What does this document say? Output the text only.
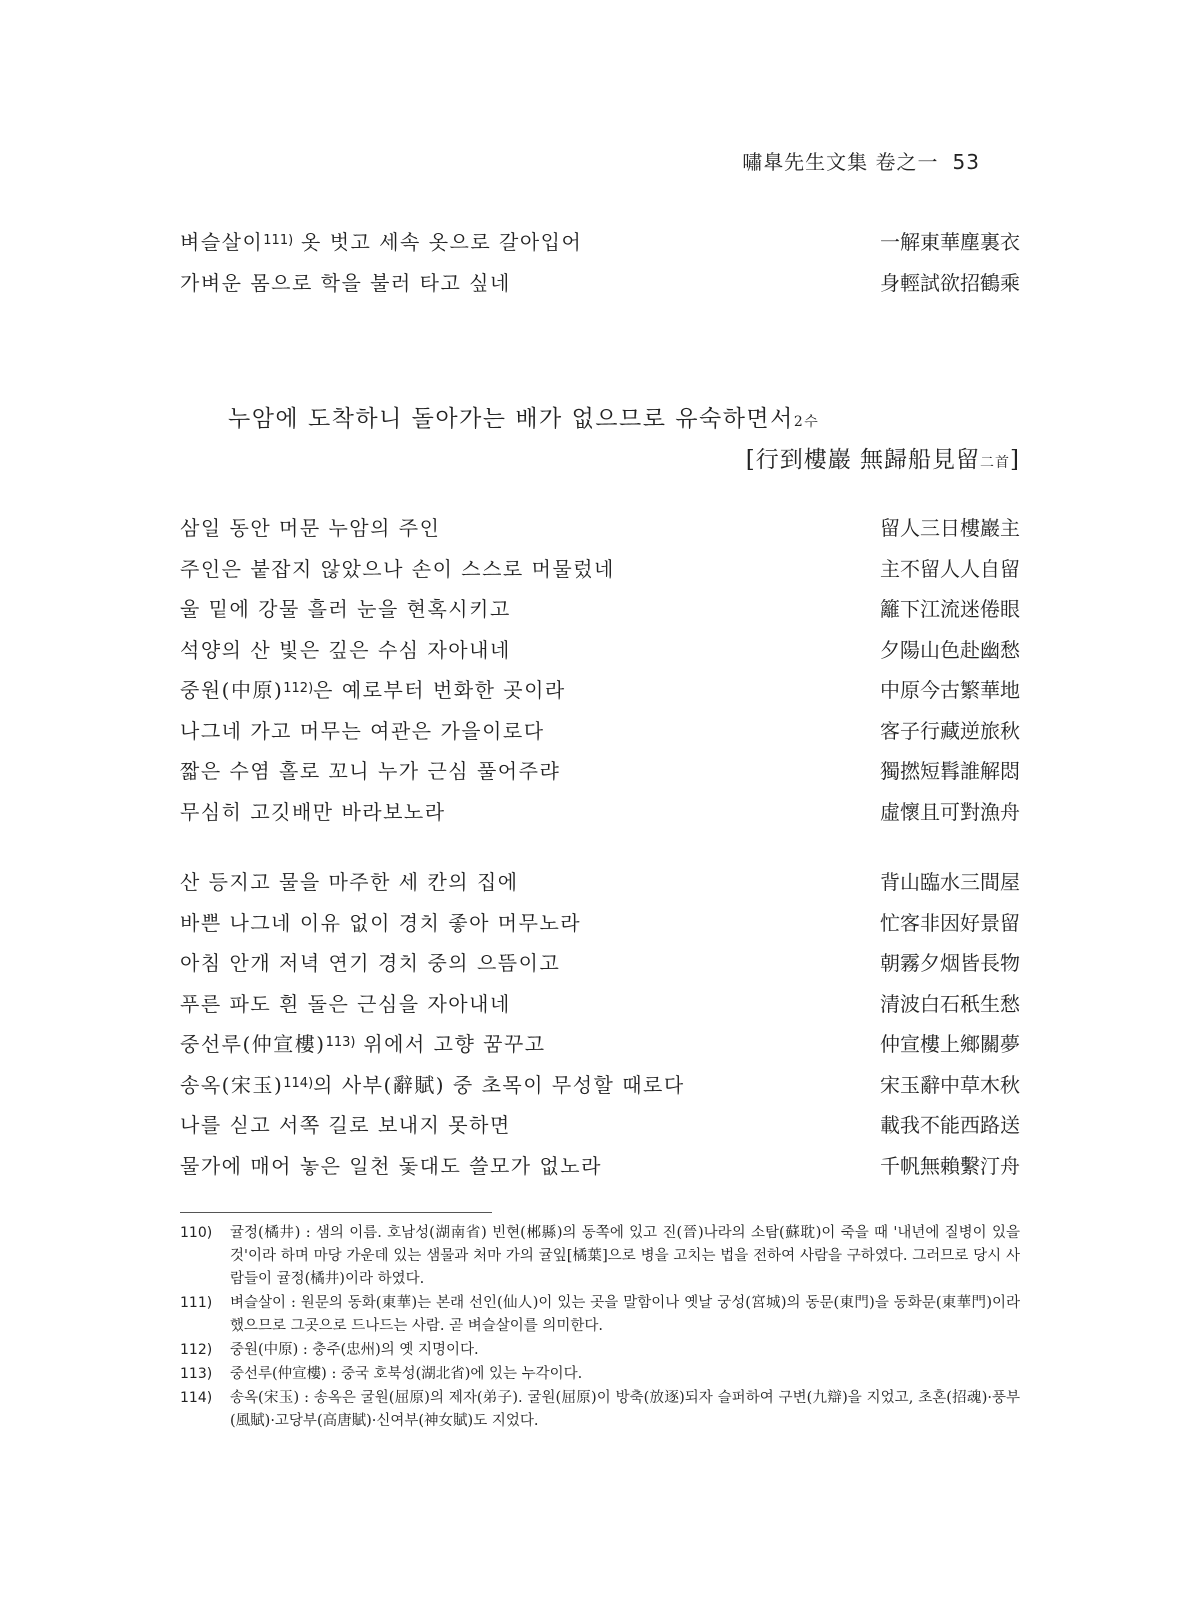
嘯臯先生文集 卷之一 53
벼슬살이$^{111)}$ 옷 벗고 세속 옷으로 갈아입어	一解東華塵裏衣
가벼운 몸으로 학을 불러 타고 싶네	身輕試欲招鶴乘
누암에 도착하니 돌아가는 배가 없으므로 유숙하면서2수
[行到樓巖 無歸船見留二首]
삼일 동안 머문 누암의 주인	留人三日樓巖主
주인은 붙잡지 않았으나 손이 스스로 머물렀네	主不留人人自留
울 밑에 강물 흘러 눈을 현혹시키고	籬下江流迷倦眼
석양의 산 빛은 깊은 수심 자아내네	夕陽山色赴幽愁
중원(中原)$^{112)}$은 예로부터 번화한 곳이라	中原今古繁華地
나그네 가고 머무는 여관은 가을이로다	客子行藏逆旅秋
짧은 수염 홀로 꼬니 누가 근심 풀어주랴	獨撚短髥誰解悶
무심히 고깃배만 바라보노라	虛懷且可對漁舟
산 등지고 물을 마주한 세 칸의 집에	背山臨水三間屋
바쁜 나그네 이유 없이 경치 좋아 머무노라	忙客非因好景留
아침 안개 저녁 연기 경치 중의 으뜸이고	朝霧夕烟皆長物
푸른 파도 흰 돌은 근심을 자아내네	清波白石秖生愁
중선루(仲宣樓)$^{113)}$ 위에서 고향 꿈꾸고	仲宣樓上鄉關夢
송옥(宋玉)$^{114)}$의 사부(辭賦) 중 초목이 무성할 때로다	宋玉辭中草木秋
나를 싣고 서쪽 길로 보내지 못하면	載我不能西路送
물가에 매어 놓은 일천 돛대도 쓸모가 없노라	千帆無賴繫汀舟
110)	귤정(橘井) : 샘의 이름. 호남성(湖南省) 빈현(郴縣)의 동쪽에 있고 진(晉)나라의 소탐(蘇耽)이 죽을 때 '내년에 질병이 있을 것'이라 하며 마당 가운데 있는 샘물과 처마 가의 귤잎[橘葉]으로 병을 고치는 법을 전하여 사람을 구하였다. 그러므로 당시 사람들이 귤정(橘井)이라 하였다.
111)	벼슬살이 : 원문의 동화(東華)는 본래 선인(仙人)이 있는 곳을 말함이나 옛날 궁성(宮城)의 동문(東門)을 동화문(東華門)이라 했으므로 그곳으로 드나드는 사람. 곧 벼슬살이를 의미한다.
112)	중원(中原) : 충주(忠州)의 옛 지명이다.
113)	중선루(仲宣樓) : 중국 호북성(湖北省)에 있는 누각이다.
114)	송옥(宋玉) : 송옥은 굴원(屈原)의 제자(弟子). 굴원(屈原)이 방축(放逐)되자 슬퍼하여 구변(九辯)을 지었고, 초혼(招魂)·풍부(風賦)·고당부(高唐賦)·신여부(神女賦)도 지었다.
